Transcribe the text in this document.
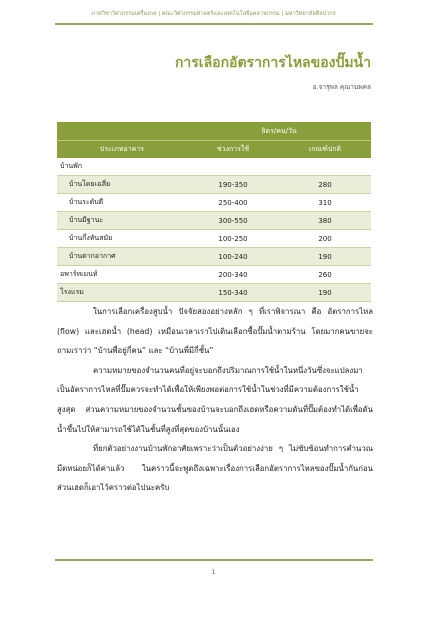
ภาควิชาวิศวกรรมเครื่องกล | คณะวิศวกรรมศาสตร์และเทคโนโลยีอุตสาหกรรม | มหาวิทยาลัยศิลปากร
การเลือกอัตราการไหลของปั๊มน้ำ
อ.จารุพล คุณานพคล
	ลิตร/คน/วัน	
ประเภทอาคาร	ช่วงการใช้	เกณฑ์ปกติ
บ้านพัก		
บ้านโดยเฉลี่ย	190-350	280
บ้านระดับดี	250-400	310
บ้านมีฐานะ	300-550	380
บ้านกึ่งทันสมัย	100-250	200
บ้านตากอากาศ	100-240	190
อพาร์ทเมนท์	200-340	260
โรงแรม	150-340	190

ในการเลือกเครื่องสูบน้ำ ปัจจัยสองอย่างหลัก ๆ ที่เราพิจารณา คือ อัตราการไหล (flow) และเฮดน้ำ (head) เหมือนเวลาเราไปเดินเลือกซื้อปั๊มน้ำตามร้าน โดยมากคนขายจะถามเราว่า “บ้านพื่อยู่กี่คน” และ “บ้านพี่มีกี่ชั้น”

ความหมายของจำนวนคนที่อยู่จะบอกถึงปริมาณการใช้น้ำในหนึ่งวันซึ่งจะแปลงมาเป็นอัตราการไหลที่ปั๊มควรจะทำได้เพื่อให้เพียงพอต่อการใช้น้ำในช่วงที่มีความต้องการใช้น้ำสูงสุด ส่วนความหมายของจำนวนชั้นของบ้านจะบอกถึงเฮดหรือความดันที่ปั๊มต้องทำได้เพื่อดันน้ำขึ้นไปให้สามารถใช้ได้ในชั้นที่สูงที่สุดของบ้านนั้นเอง

ที่ยกตัวอย่างงานบ้านพักอาศัยเพราะว่าเป็นตัวอย่างง่าย ๆ ไม่ซับซ้อนทำการคำนวณมีตหน่อยก็ได้ค่าแล้ว ในคราวนี้จะพูดถึงเฉพาะเรื่องการเลือกอัตราการไหลของปั๊มน้ำกันก่อน ส่วนเฮดก็เอาไว้คราวต่อไปนะครับ

1
